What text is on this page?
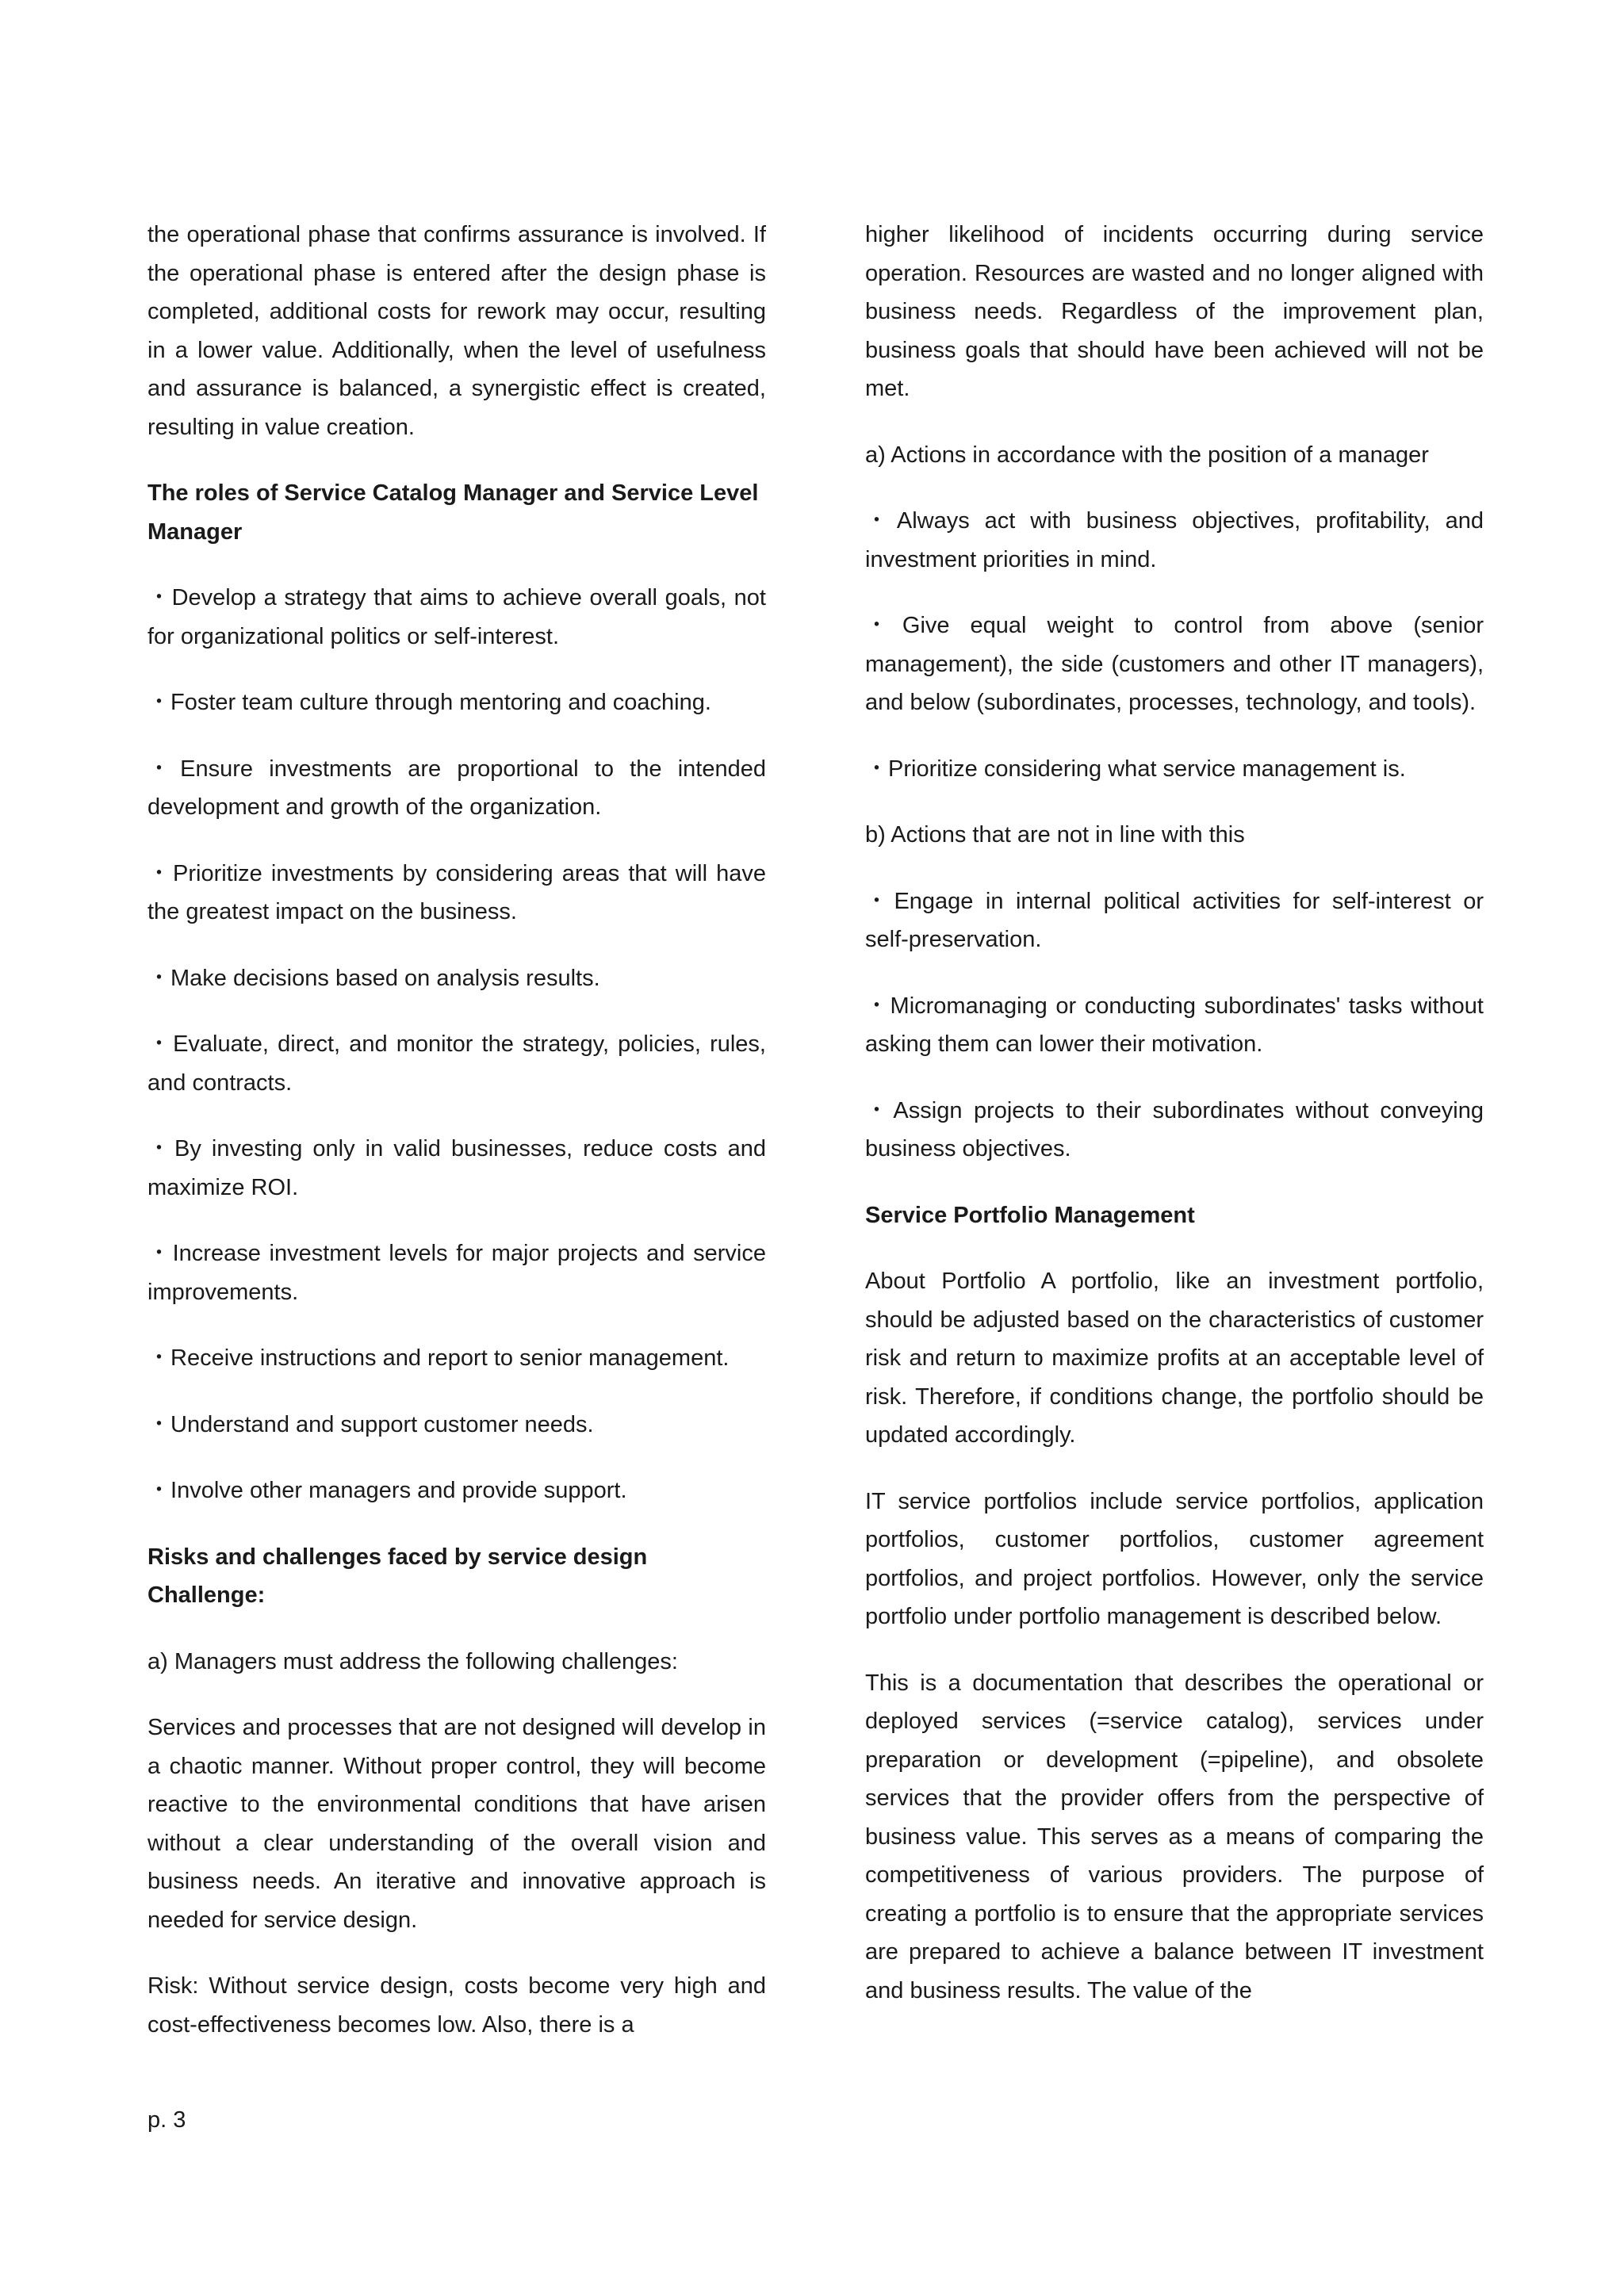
the operational phase that confirms assurance is involved. If the operational phase is entered after the design phase is completed, additional costs for rework may occur, resulting in a lower value. Additionally, when the level of usefulness and assurance is balanced, a synergistic effect is created, resulting in value creation.

The roles of Service Catalog Manager and Service Level Manager

・ Develop a strategy that aims to achieve overall goals, not for organizational politics or self-interest.

・ Foster team culture through mentoring and coaching.

・ Ensure investments are proportional to the intended development and growth of the organization.

・ Prioritize investments by considering areas that will have the greatest impact on the business.

・ Make decisions based on analysis results.

・ Evaluate, direct, and monitor the strategy, policies, rules, and contracts.

・ By investing only in valid businesses, reduce costs and maximize ROI.

・ Increase investment levels for major projects and service improvements.

・ Receive instructions and report to senior management.

・ Understand and support customer needs.

・ Involve other managers and provide support.

Risks and challenges faced by service design Challenge:

a) Managers must address the following challenges:

Services and processes that are not designed will develop in a chaotic manner. Without proper control, they will become reactive to the environmental conditions that have arisen without a clear understanding of the overall vision and business needs. An iterative and innovative approach is needed for service design.

Risk: Without service design, costs become very high and cost-effectiveness becomes low. Also, there is a

higher likelihood of incidents occurring during service operation. Resources are wasted and no longer aligned with business needs. Regardless of the improvement plan, business goals that should have been achieved will not be met.

a) Actions in accordance with the position of a manager

・ Always act with business objectives, profitability, and investment priorities in mind.

・ Give equal weight to control from above (senior management), the side (customers and other IT managers), and below (subordinates, processes, technology, and tools).

・ Prioritize considering what service management is.

b) Actions that are not in line with this

・ Engage in internal political activities for self-interest or self-preservation.

・ Micromanaging or conducting subordinates' tasks without asking them can lower their motivation.

・ Assign projects to their subordinates without conveying business objectives.

Service Portfolio Management

About Portfolio A portfolio, like an investment portfolio, should be adjusted based on the characteristics of customer risk and return to maximize profits at an acceptable level of risk. Therefore, if conditions change, the portfolio should be updated accordingly.

IT service portfolios include service portfolios, application portfolios, customer portfolios, customer agreement portfolios, and project portfolios. However, only the service portfolio under portfolio management is described below.

This is a documentation that describes the operational or deployed services (=service catalog), services under preparation or development (=pipeline), and obsolete services that the provider offers from the perspective of business value. This serves as a means of comparing the competitiveness of various providers. The purpose of creating a portfolio is to ensure that the appropriate services are prepared to achieve a balance between IT investment and business results. The value of the

p. 3
